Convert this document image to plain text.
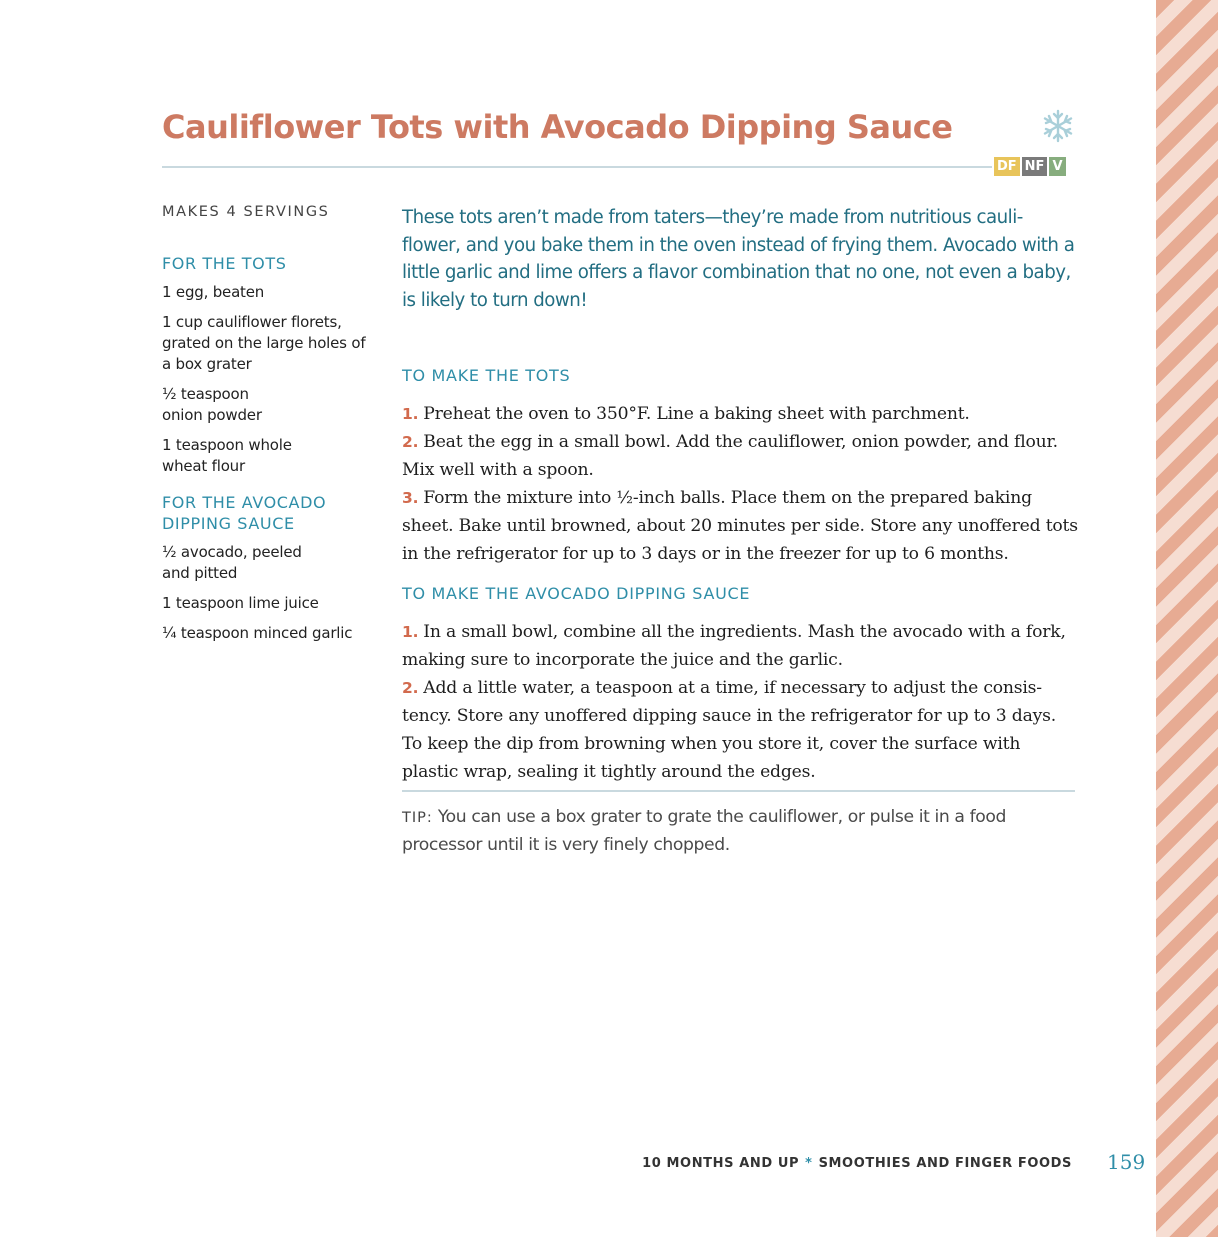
Cauliflower Tots with Avocado Dipping Sauce
DF NF V
MAKES 4 SERVINGS
FOR THE TOTS
1 egg, beaten
1 cup cauliflower florets, grated on the large holes of a box grater
½ teaspoon onion powder
1 teaspoon whole wheat flour
FOR THE AVOCADO DIPPING SAUCE
½ avocado, peeled and pitted
1 teaspoon lime juice
¼ teaspoon minced garlic

These tots aren’t made from taters—they’re made from nutritious cauli-flower, and you bake them in the oven instead of frying them. Avocado with a little garlic and lime offers a flavor combination that no one, not even a baby, is likely to turn down!

TO MAKE THE TOTS

1. Preheat the oven to 350°F. Line a baking sheet with parchment.

2. Beat the egg in a small bowl. Add the cauliflower, onion powder, and flour. Mix well with a spoon.

3. Form the mixture into ½-inch balls. Place them on the prepared baking sheet. Bake until browned, about 20 minutes per side. Store any unoffered tots in the refrigerator for up to 3 days or in the freezer for up to 6 months.

TO MAKE THE AVOCADO DIPPING SAUCE

1. In a small bowl, combine all the ingredients. Mash the avocado with a fork, making sure to incorporate the juice and the garlic.

2. Add a little water, a teaspoon at a time, if necessary to adjust the consis-tency. Store any unoffered dipping sauce in the refrigerator for up to 3 days. To keep the dip from browning when you store it, cover the surface with plastic wrap, sealing it tightly around the edges.

TIP: You can use a box grater to grate the cauliflower, or pulse it in a food processor until it is very finely chopped.

10 MONTHS AND UP * SMOOTHIES AND FINGER FOODS 159
